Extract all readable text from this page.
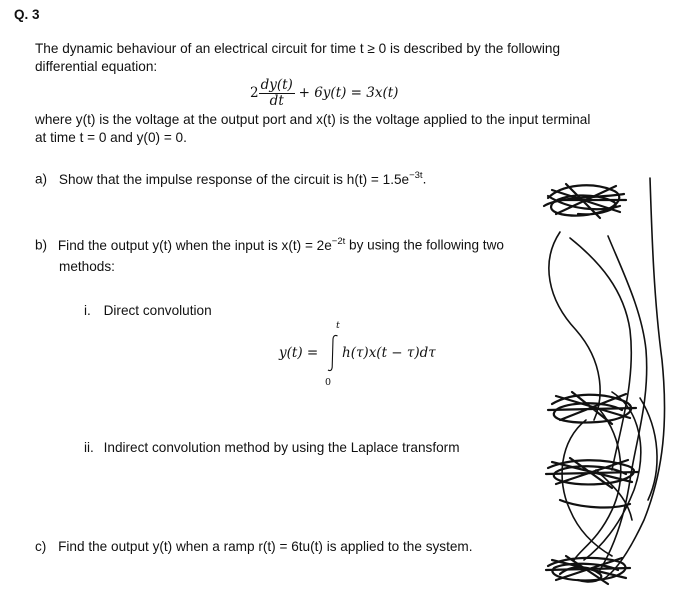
Q. 3
The dynamic behaviour of an electrical circuit for time t ≥ 0 is described by the following
differential equation:
$2 \frac{dy(t)}{dt} + 6y(t) = 3x(t)$
where y(t) is the voltage at the output port and x(t) is the voltage applied to the input terminal
at time t = 0 and y(0) = 0.
a) Show that the impulse response of the circuit is $h(t) = 1.5e^{-3t}$.
b) Find the output y(t) when the input is $x(t) = 2e^{-2t}$ by using the following two
methods:
i. Direct convolution
y(t) =
t
0
h(τ)x(t − τ)dτ
ii. Indirect convolution method by using the Laplace transform
c) Find the output y(t) when a ramp r(t) = 6tu(t) is applied to the system.
